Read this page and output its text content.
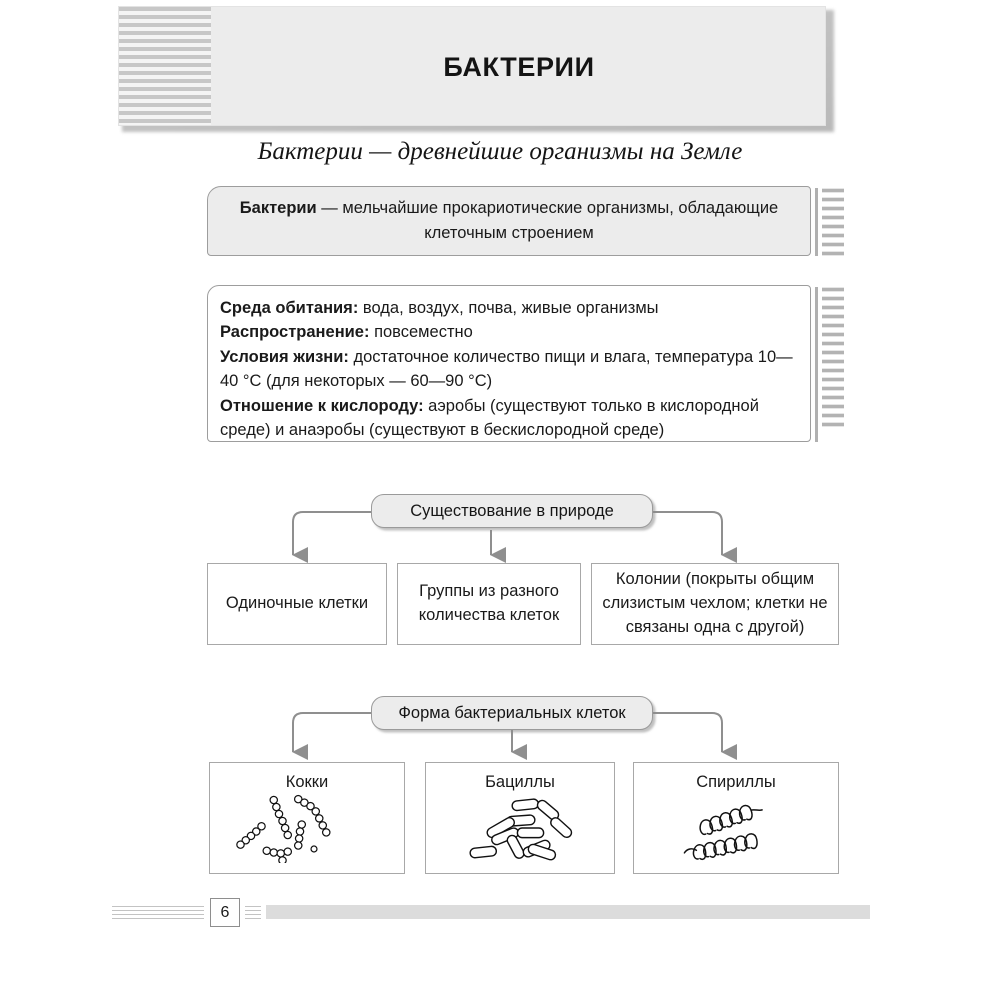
БАКТЕРИИ
Бактерии — древнейшие организмы на Земле
Бактерии — мельчайшие прокариотические организмы, обладающие клеточным строением

Среда обитания: вода, воздух, почва, живые организмы

Распространение: повсеместно

Условия жизни: достаточное количество пищи и влага, температура 10—40 °С (для некоторых — 60—90 °С)

Отношение к кислороду: аэробы (существуют только в кислородной среде) и анаэробы (существуют в бескислородной среде)

Существование в природе
Одиночные клетки
Группы из разного количества клеток
Колонии (покрыты общим слизистым чехлом; клетки не связаны одна с другой)
Форма бактериальных клеток
Кокки	Бациллы	Спириллы
6
